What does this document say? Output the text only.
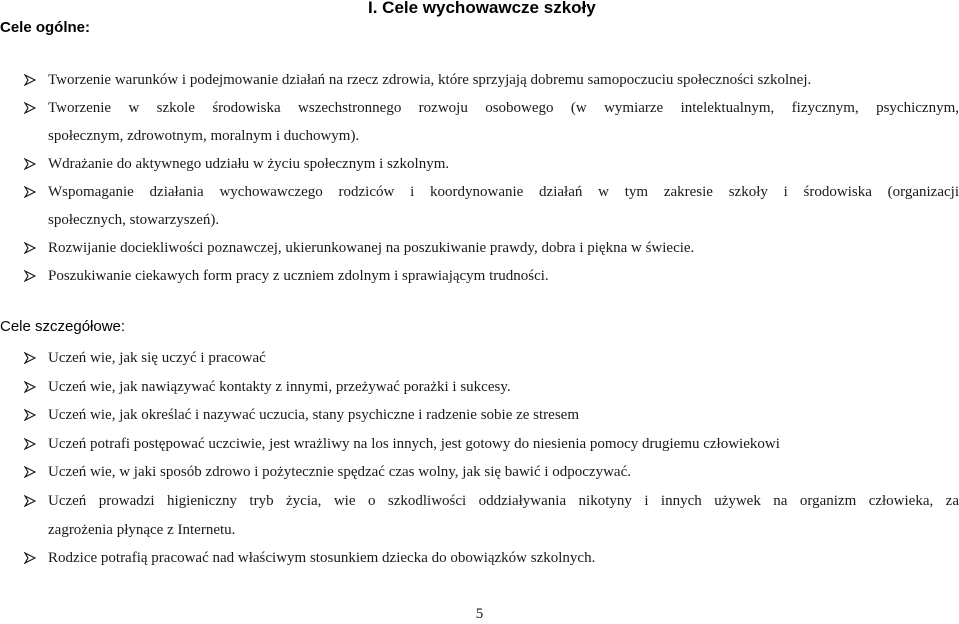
Cele ogólne:
I. Cele wychowawcze szkoły
Tworzenie warunków i podejmowanie działań na rzecz zdrowia, które sprzyjają dobremu samopoczuciu społeczności szkolnej.
Tworzenie w szkole środowiska wszechstronnego rozwoju osobowego (w wymiarze intelektualnym, fizycznym, psychicznym,
społecznym, zdrowotnym, moralnym i duchowym).
Wdrażanie do aktywnego udziału w życiu społecznym i szkolnym.
Wspomaganie działania wychowawczego rodziców i koordynowanie działań w tym zakresie szkoły i środowiska (organizacji
społecznych, stowarzyszeń).
Rozwijanie dociekliwości poznawczej, ukierunkowanej na poszukiwanie prawdy, dobra i piękna w świecie.
Poszukiwanie ciekawych form pracy z uczniem zdolnym i sprawiającym trudności.
Cele szczegółowe:
Uczeń wie, jak się uczyć i pracować
Uczeń wie, jak nawiązywać kontakty z innymi, przeżywać porażki i sukcesy.
Uczeń wie, jak określać i nazywać uczucia, stany psychiczne i radzenie sobie ze stresem
Uczeń potrafi postępować uczciwie, jest wrażliwy na los innych, jest gotowy do niesienia pomocy drugiemu człowiekowi
Uczeń wie, w jaki sposób zdrowo i pożytecznie spędzać czas wolny, jak się bawić i odpoczywać.
Uczeń prowadzi higieniczny tryb życia, wie o szkodliwości oddziaływania nikotyny i innych używek na organizm człowieka, za
zagrożenia płynące z Internetu.
Rodzice potrafią pracować nad właściwym stosunkiem dziecka do obowiązków szkolnych.
5
